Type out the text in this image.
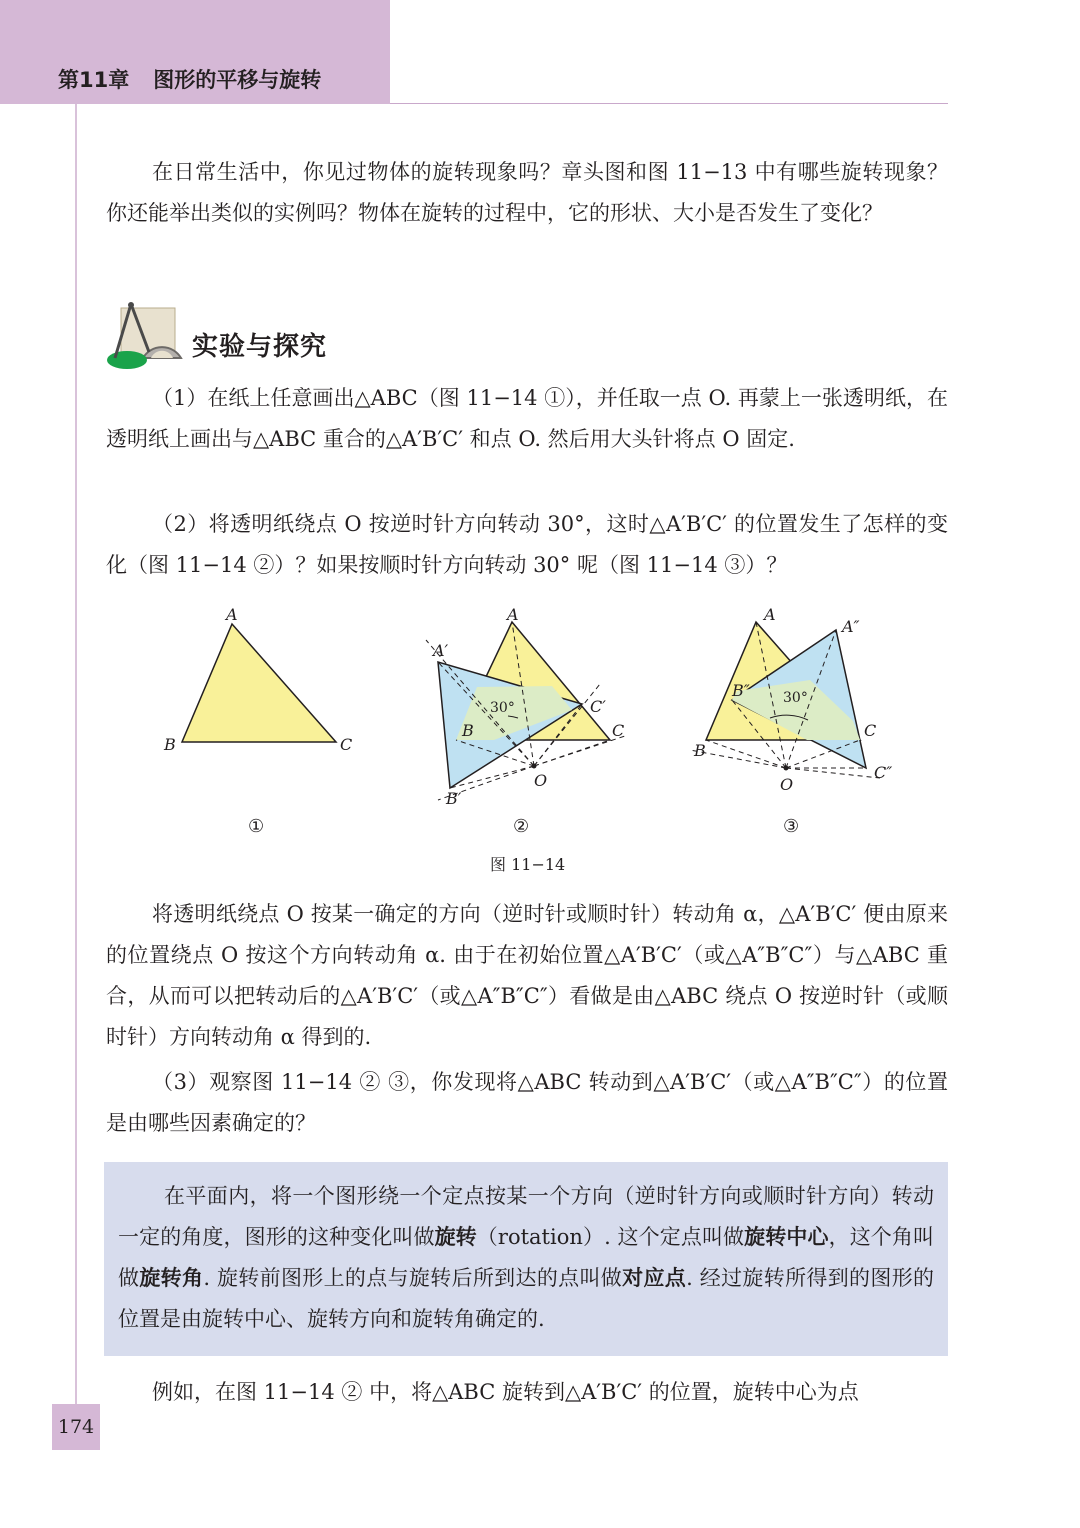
第11章 图形的平移与旋转

在日常生活中，你见过物体的旋转现象吗？章头图和图 11−13 中有哪些旋转现象？你还能举出类似的实例吗？物体在旋转的过程中，它的形状、大小是否发生了变化？

实验与探究

（1）在纸上任意画出△ABC（图 11−14 ①），并任取一点 O. 再蒙上一张透明纸，在透明纸上画出与△ABC 重合的△A′B′C′ 和点 O. 然后用大头针将点 O 固定.

（2）将透明纸绕点 O 按逆时针方向转动 30°，这时△A′B′C′ 的位置发生了怎样的变化（图 11−14 ②）？如果按顺时针方向转动 30° 呢（图 11−14 ③）？

A
B	C
A
A′
B
B′
C
C′
O
30°
A
A″
B″
B
C
C″
O
30°
①	②	③
图 11−14

将透明纸绕点 O 按某一确定的方向（逆时针或顺时针）转动角 α，△A′B′C′ 便由原来的位置绕点 O 按这个方向转动角 α. 由于在初始位置△A′B′C′（或△A″B″C″）与△ABC 重合，从而可以把转动后的△A′B′C′（或△A″B″C″）看做是由△ABC 绕点 O 按逆时针（或顺时针）方向转动角 α 得到的.

（3）观察图 11−14 ② ③，你发现将△ABC 转动到△A′B′C′（或△A″B″C″）的位置是由哪些因素确定的？

在平面内，将一个图形绕一个定点按某一个方向（逆时针方向或顺时针方向）转动一定的角度，图形的这种变化叫做旋转（rotation）. 这个定点叫做旋转中心，这个角叫做旋转角. 旋转前图形上的点与旋转后所到达的点叫做对应点. 经过旋转所得到的图形的位置是由旋转中心、旋转方向和旋转角确定的.

例如，在图 11−14 ② 中，将△ABC 旋转到△A′B′C′ 的位置，旋转中心为点

174
